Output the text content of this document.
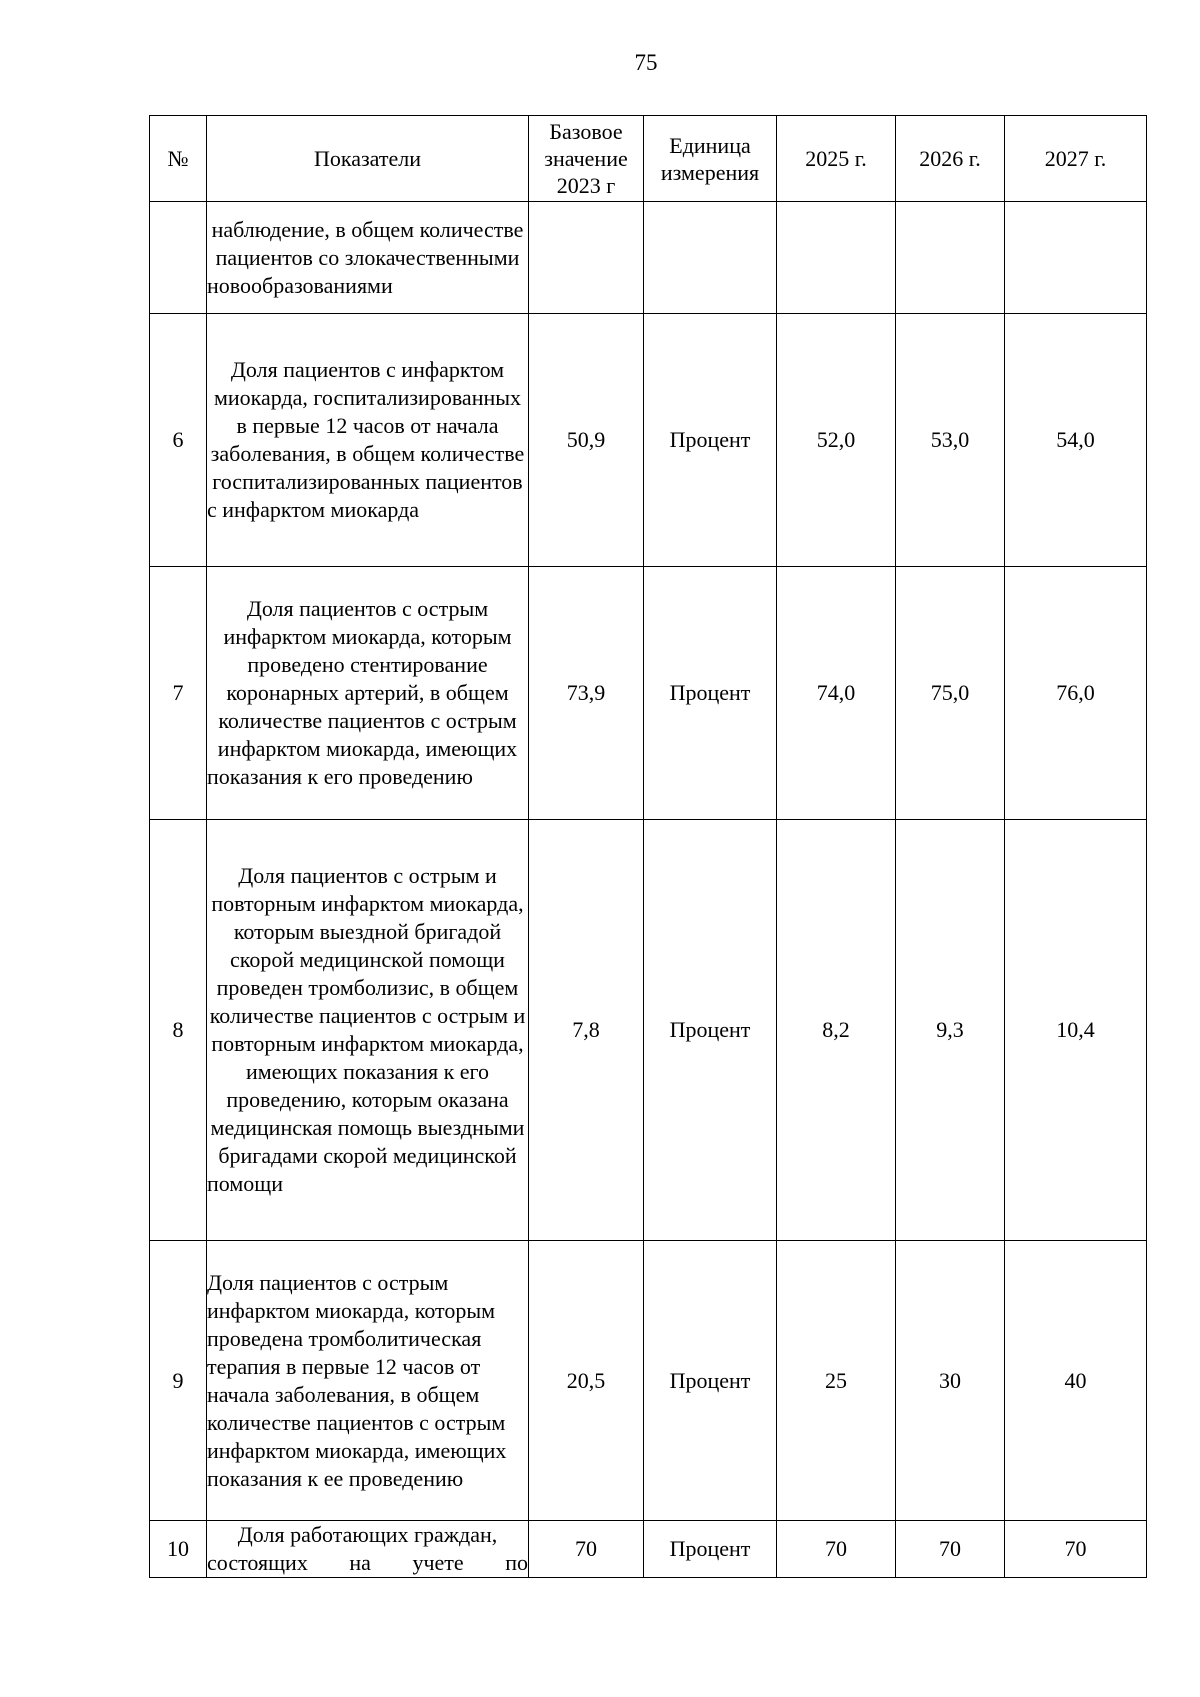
75
№	Показатели	Базовое значение 2023 г	Единица измерения	2025 г.	2026 г.	2027 г.

	наблюдение, в общем количестве пациентов со злокачественными новообразованиями					

6	Доля пациентов с инфарктом миокарда, госпитализированных в первые 12 часов от начала заболевания, в общем количестве госпитализированных пациентов с инфарктом миокарда	50,9	Процент	52,0	53,0	54,0
7	Доля пациентов с острым инфарктом миокарда, которым проведено стентирование коронарных артерий, в общем количестве пациентов с острым инфарктом миокарда, имеющих показания к его проведению	73,9	Процент	74,0	75,0	76,0
8	Доля пациентов с острым и повторным инфарктом миокарда, которым выездной бригадой скорой медицинской помощи проведен тромболизис, в общем количестве пациентов с острым и повторным инфарктом миокарда, имеющих показания к его проведению, которым оказана медицинская помощь выездными бригадами скорой медицинской помощи	7,8	Процент	8,2	9,3	10,4
9	Доля пациентов с острым инфарктом миокарда, которым проведена тромболитическая терапия в первые 12 часов от начала заболевания, в общем количестве пациентов с острым инфарктом миокарда, имеющих показания к ее проведению	20,5	Процент	25	30	40
10	Доля работающих граждан, состоящих на учете по	70	Процент	70	70	70
